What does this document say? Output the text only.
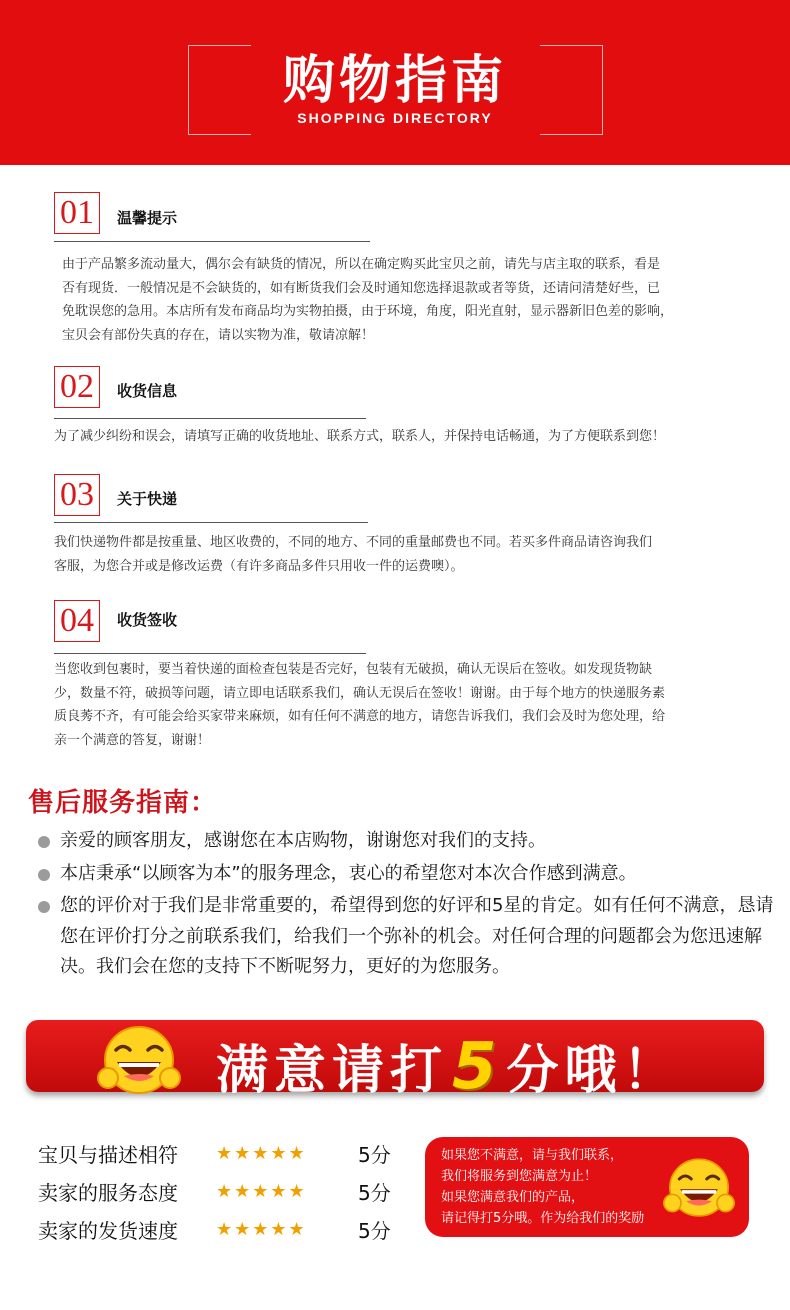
购物指南
SHOPPING DIRECTORY
01	温馨提示
由于产品繁多流动量大，偶尔会有缺货的情况，所以在确定购买此宝贝之前，请先与店主取的联系，看是
否有现货．一般情况是不会缺货的，如有断货我们会及时通知您选择退款或者等货，还请问清楚好些，已
免耽误您的急用。本店所有发布商品均为实物拍摄，由于环境，角度，阳光直射，显示器新旧色差的影响，
宝贝会有部份失真的存在，请以实物为准，敬请凉解！
02	收货信息
为了减少纠纷和误会，请填写正确的收货地址、联系方式，联系人，并保持电话畅通，为了方便联系到您！
03	关于快递
我们快递物件都是按重量、地区收费的，不同的地方、不同的重量邮费也不同。若买多件商品请咨询我们
客服，为您合并或是修改运费（有许多商品多件只用收一件的运费噢）。
04	收货签收
当您收到包裹时，要当着快递的面检查包装是否完好，包装有无破损，确认无误后在签收。如发现货物缺
少，数量不符，破损等问题，请立即电话联系我们，确认无误后在签收！谢谢。由于每个地方的快递服务素
质良莠不齐，有可能会给买家带来麻烦，如有任何不满意的地方，请您告诉我们，我们会及时为您处理，给
亲一个满意的答复，谢谢！
售后服务指南：
亲爱的顾客朋友，感谢您在本店购物，谢谢您对我们的支持。
本店秉承“以顾客为本”的服务理念，衷心的希望您对本次合作感到满意。
您的评价对于我们是非常重要的，希望得到您的好评和5星的肯定。如有任何不满意，恳请您在评价打分之前联系我们，给我们一个弥补的机会。对任何合理的问题都会为您迅速解决。我们会在您的支持下不断呢努力，更好的为您服务。
满意请打5分哦！
宝贝与描述相符	★★★★★	5分
卖家的服务态度	★★★★★	5分
卖家的发货速度	★★★★★	5分
如果您不满意，请与我们联系，
我们将服务到您满意为止！
如果您满意我们的产品，
请记得打5分哦。作为给我们的奖励
